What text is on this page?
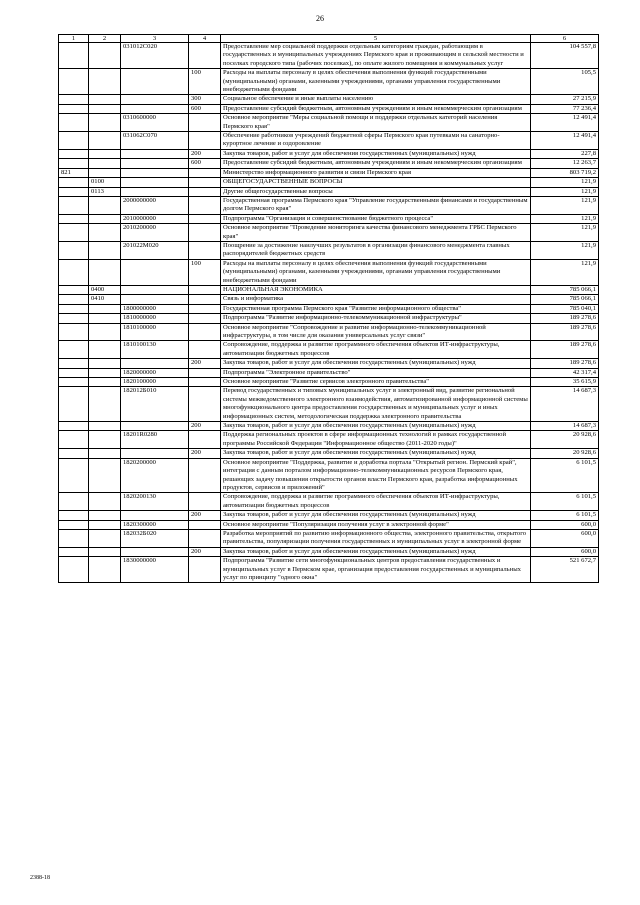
26
1	2	3	4	5	6
		031012С020		Предоставление мер социальной поддержки отдельным категориям граждан, работающим в государственных и муниципальных учреждениях Пермского края и проживающим в сельской местности и поселках городского типа (рабочих поселках), по оплате жилого помещения и коммунальных услуг	104 557,8
			100	Расходы на выплаты персоналу в целях обеспечения выполнения функций государственными (муниципальными) органами, казенными учреждениями, органами управления государственными внебюджетными фондами	105,5
			300	Социальное обеспечение и иные выплаты населению	27 215,9
			600	Предоставление субсидий бюджетным, автономным учреждениям и иным некоммерческим организациям	77 236,4
		0310600000		Основное мероприятие "Меры социальной помощи и поддержки отдельных категорий населения Пермского края"	12 491,4
		031062С070		Обеспечение работников учреждений бюджетной сферы Пермского края путевками на санаторно-курортное лечение и оздоровление	12 491,4
			200	Закупка товаров, работ и услуг для обеспечения государственных (муниципальных) нужд	227,8
			600	Предоставление субсидий бюджетным, автономным учреждениям и иным некоммерческим организациям	12 263,7
821				Министерство информационного развития и связи Пермского края	803 719,2
	0100			ОБЩЕГОСУДАРСТВЕННЫЕ ВОПРОСЫ	121,9
	0113			Другие общегосударственные вопросы	121,9
		2000000000		Государственная программа Пермского края "Управление государственными финансами и государственным долгом Пермского края"	121,9
		2010000000		Подпрограмма "Организация и совершенствование бюджетного процесса"	121,9
		2010200000		Основное мероприятие "Проведение мониторинга качества финансового менеджмента ГРБС Пермского края"	121,9
		201022М020		Поощрение за достижение наилучших результатов в организации финансового менеджмента главных распорядителей бюджетных средств	121,9
			100	Расходы на выплаты персоналу в целях обеспечения выполнения функций государственными (муниципальными) органами, казенными учреждениями, органами управления государственными внебюджетными фондами	121,9
	0400			НАЦИОНАЛЬНАЯ ЭКОНОМИКА	785 066,1
	0410			Связь и информатика	785 066,1
		1800000000		Государственная программа Пермского края "Развитие информационного общества"	785 040,1
		1810000000		Подпрограмма "Развитие информационно-телекоммуникационной инфраструктуры"	189 278,6
		1810100000		Основное мероприятие "Сопровождение и развитие информационно-телекоммуникационной инфраструктуры, в том числе для оказания универсальных услуг связи"	189 278,6
		1810100130		Сопровождение, поддержка и развитие программного обеспечения объектов ИТ-инфраструктуры, автоматизации бюджетных процессов	189 278,6
			200	Закупка товаров, работ и услуг для обеспечения государственных (муниципальных) нужд	189 278,6
		1820000000		Подпрограмма "Электронное правительство"	42 317,4
		1820100000		Основное мероприятие "Развитие сервисов электронного правительства"	35 615,9
		182012Б010		Перевод государственных и типовых муниципальных услуг в электронный вид, развитие региональной системы межведомственного электронного взаимодействия, автоматизированной информационной системы многофункционального центра предоставления государственных и муниципальных услуг и иных информационных систем, методологическая поддержка электронного правительства	14 687,3
			200	Закупка товаров, работ и услуг для обеспечения государственных (муниципальных) нужд	14 687,3
		18201R0280		Поддержка региональных проектов в сфере информационных технологий в рамках государственной программы Российской Федерации "Информационное общество (2011-2020 годы)"	20 928,6
			200	Закупка товаров, работ и услуг для обеспечения государственных (муниципальных) нужд	20 928,6
		1820200000		Основное мероприятие "Поддержка, развитие и доработка портала "Открытый регион. Пермский край", интеграция с данным порталом информационно-телекоммуникационных ресурсов Пермского края, решающих задачу повышения открытости органов власти Пермского края, разработка информационных продуктов, сервисов и приложений"	6 101,5
		1820200130		Сопровождение, поддержка и развитие программного обеспечения объектов ИТ-инфраструктуры, автоматизации бюджетных процессов	6 101,5
			200	Закупка товаров, работ и услуг для обеспечения государственных (муниципальных) нужд	6 101,5
		1820300000		Основное мероприятие "Популяризация получения услуг в электронной форме"	600,0
		182032Б020		Разработка мероприятий по развитию информационного общества, электронного правительства, открытого правительства, популяризации получения государственных и муниципальных услуг в электронной форме	600,0
			200	Закупка товаров, работ и услуг для обеспечения государственных (муниципальных) нужд	600,0
		1830000000		Подпрограмма "Развитие сети многофункциональных центров предоставления государственных и муниципальных услуг в Пермском крае, организация предоставления государственных и муниципальных услуг по принципу "одного окна"	521 672,7
2388-18
